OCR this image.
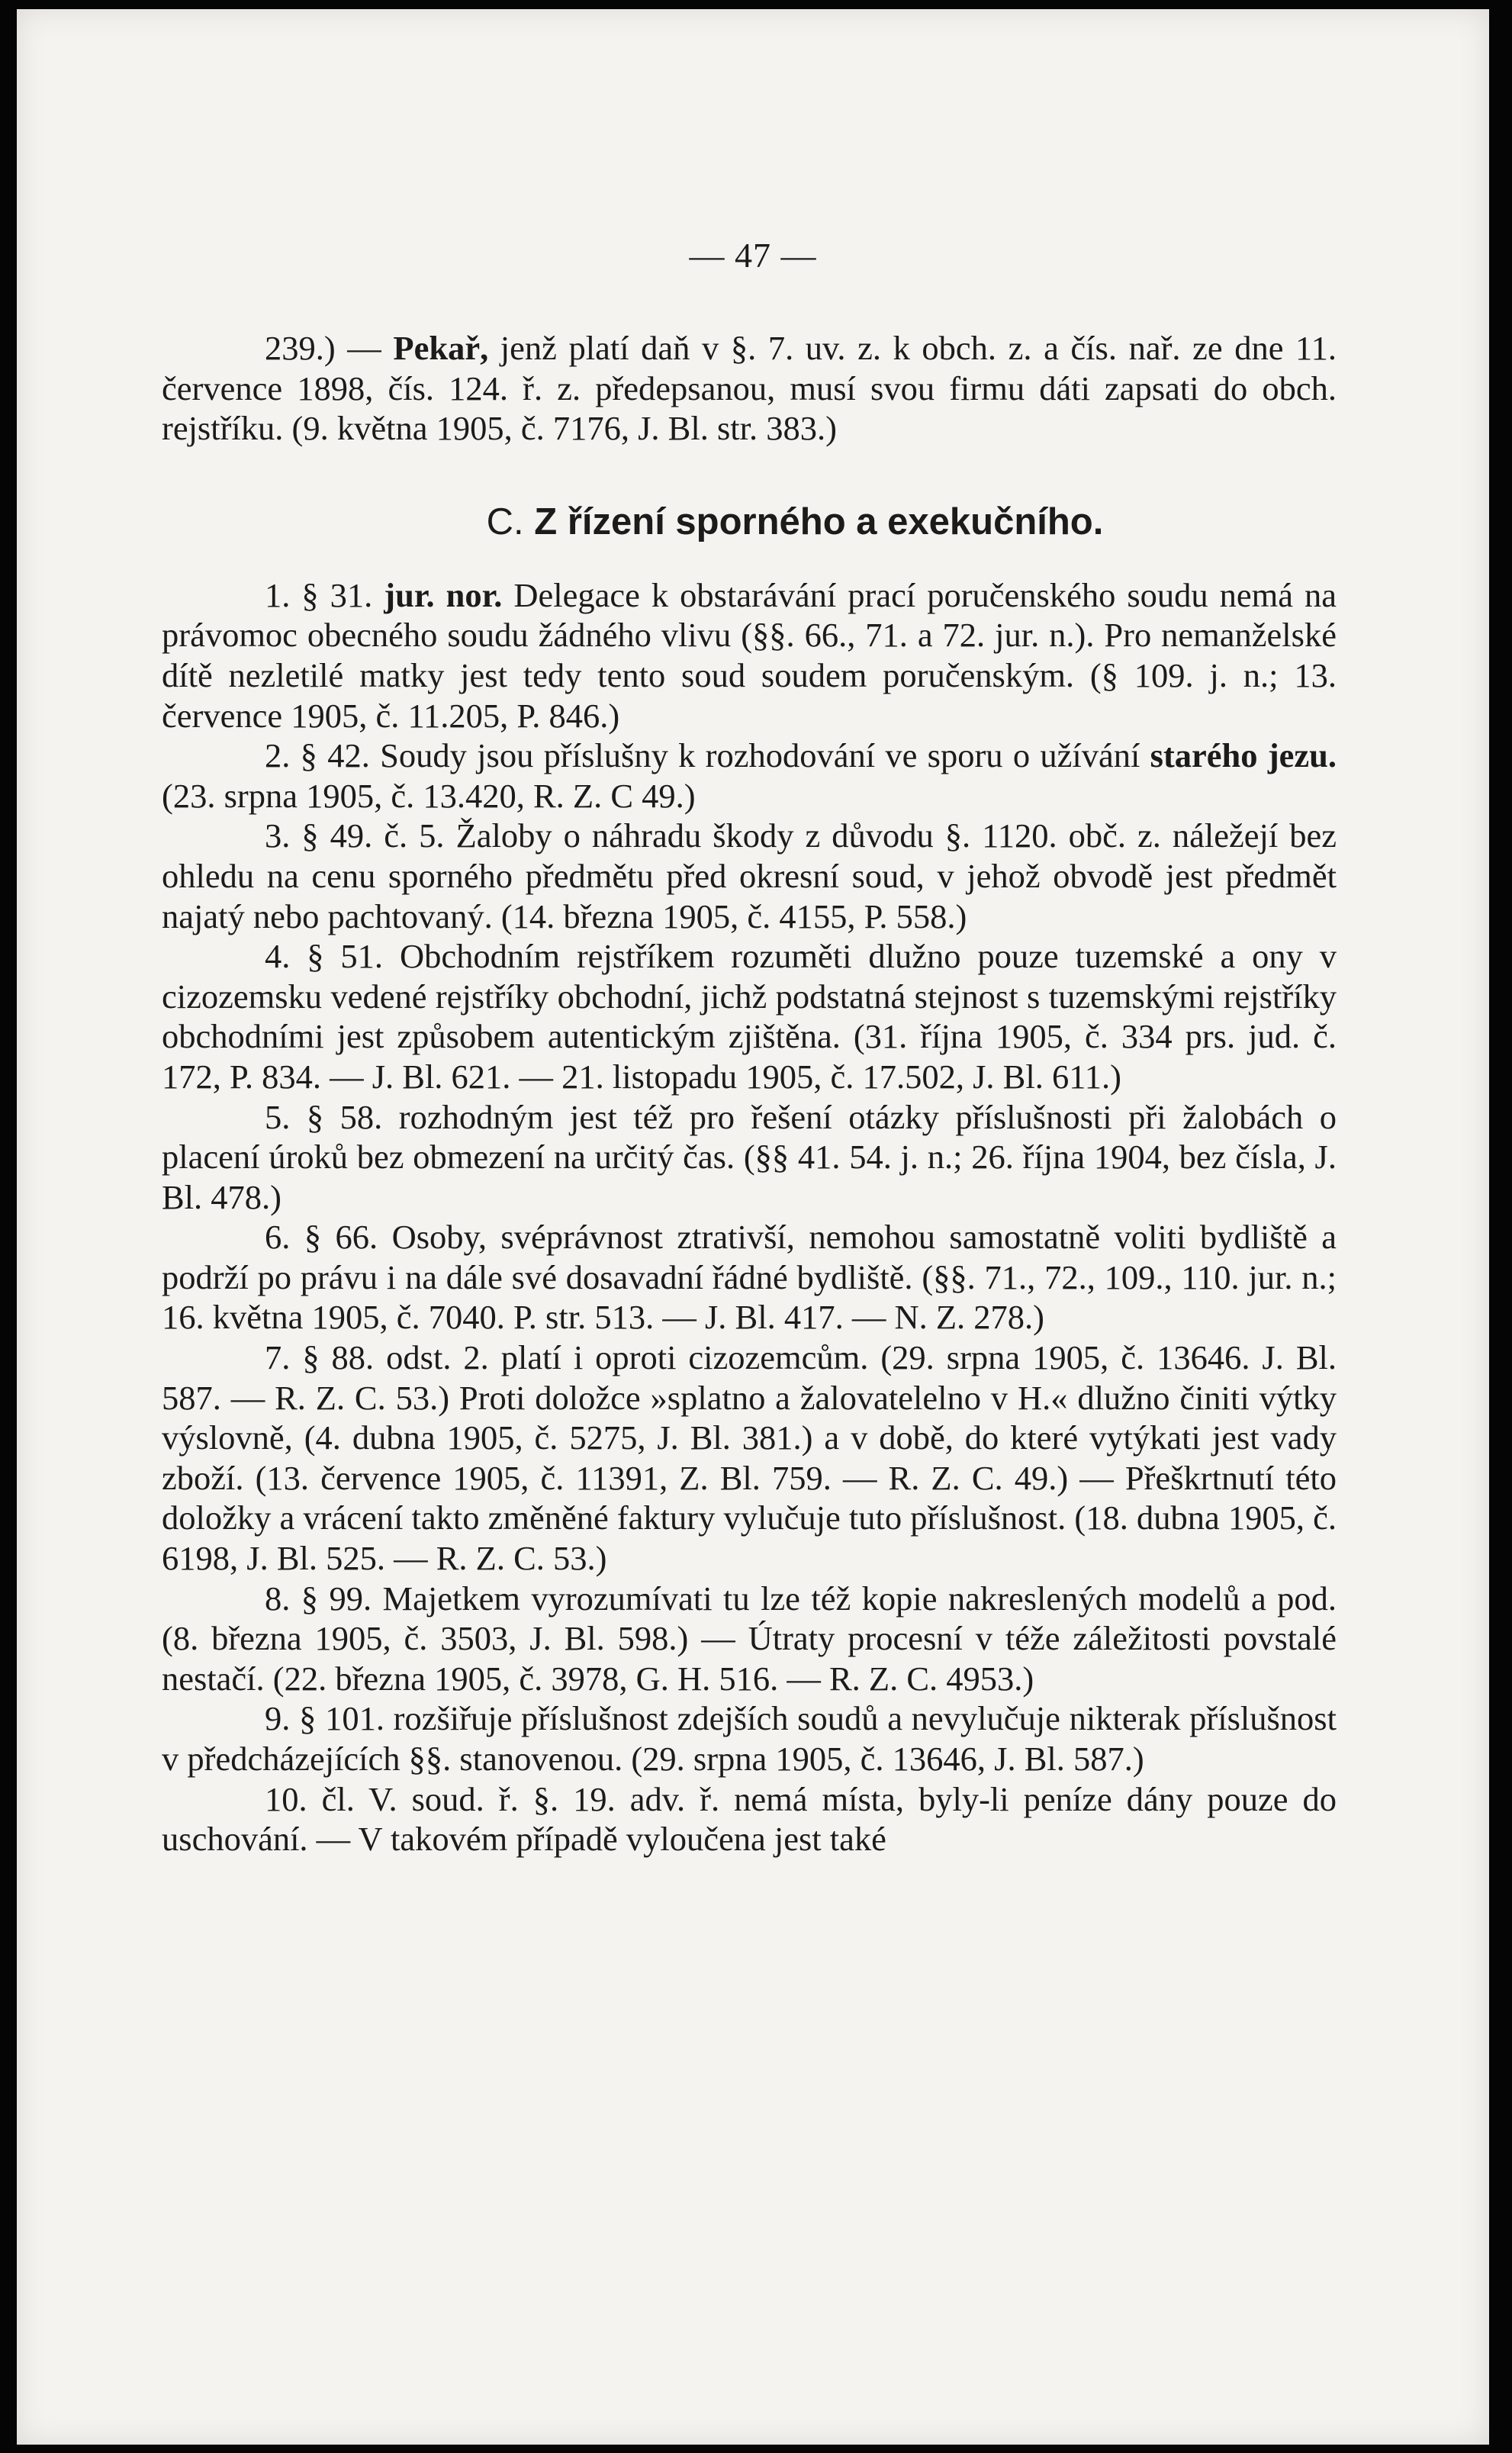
— 47 —

239.) — Pekař, jenž platí daň v §. 7. uv. z. k obch. z. a čís. nař. ze dne 11. července 1898, čís. 124. ř. z. předepsanou, musí svou firmu dáti zapsati do obch. rejstříku. (9. května 1905, č. 7176, J. Bl. str. 383.)

C. Z řízení sporného a exekučního.

1. § 31. jur. nor. Delegace k obstarávání prací poručenského soudu nemá na právomoc obecného soudu žádného vlivu (§§. 66., 71. a 72. jur. n.). Pro nemanželské dítě nezletilé matky jest tedy tento soud soudem poručenským. (§ 109. j. n.; 13. července 1905, č. 11.205, P. 846.)

2. § 42. Soudy jsou příslušny k rozhodování ve sporu o užívání starého jezu. (23. srpna 1905, č. 13.420, R. Z. C 49.)

3. § 49. č. 5. Žaloby o náhradu škody z důvodu §. 1120. obč. z. náležejí bez ohledu na cenu sporného předmětu před okresní soud, v jehož obvodě jest předmět najatý nebo pachtovaný. (14. března 1905, č. 4155, P. 558.)

4. § 51. Obchodním rejstříkem rozuměti dlužno pouze tuzemské a ony v cizozemsku vedené rejstříky obchodní, jichž podstatná stejnost s tuzemskými rejstříky obchodními jest způsobem autentickým zjištěna. (31. října 1905, č. 334 prs. jud. č. 172, P. 834. — J. Bl. 621. — 21. listopadu 1905, č. 17.502, J. Bl. 611.)

5. § 58. rozhodným jest též pro řešení otázky příslušnosti při žalobách o placení úroků bez obmezení na určitý čas. (§§ 41. 54. j. n.; 26. října 1904, bez čísla, J. Bl. 478.)

6. § 66. Osoby, svéprávnost ztrativší, nemohou samostatně voliti bydliště a podrží po právu i na dále své dosavadní řádné bydliště. (§§. 71., 72., 109., 110. jur. n.; 16. května 1905, č. 7040. P. str. 513. — J. Bl. 417. — N. Z. 278.)

7. § 88. odst. 2. platí i oproti cizozemcům. (29. srpna 1905, č. 13646. J. Bl. 587. — R. Z. C. 53.) Proti doložce »splatno a žalovatelelno v H.« dlužno činiti výtky výslovně, (4. dubna 1905, č. 5275, J. Bl. 381.) a v době, do které vytýkati jest vady zboží. (13. července 1905, č. 11391, Z. Bl. 759. — R. Z. C. 49.) — Přeškrtnutí této doložky a vrácení takto změněné faktury vylučuje tuto příslušnost. (18. dubna 1905, č. 6198, J. Bl. 525. — R. Z. C. 53.)

8. § 99. Majetkem vyrozumívati tu lze též kopie nakreslených modelů a pod. (8. března 1905, č. 3503, J. Bl. 598.) — Útraty procesní v téže záležitosti povstalé nestačí. (22. března 1905, č. 3978, G. H. 516. — R. Z. C. 4953.)

9. § 101. rozšiřuje příslušnost zdejších soudů a nevylučuje nikterak příslušnost v předcházejících §§. stanovenou. (29. srpna 1905, č. 13646, J. Bl. 587.)

10. čl. V. soud. ř. §. 19. adv. ř. nemá místa, byly-li peníze dány pouze do uschování. — V takovém případě vyloučena jest také
